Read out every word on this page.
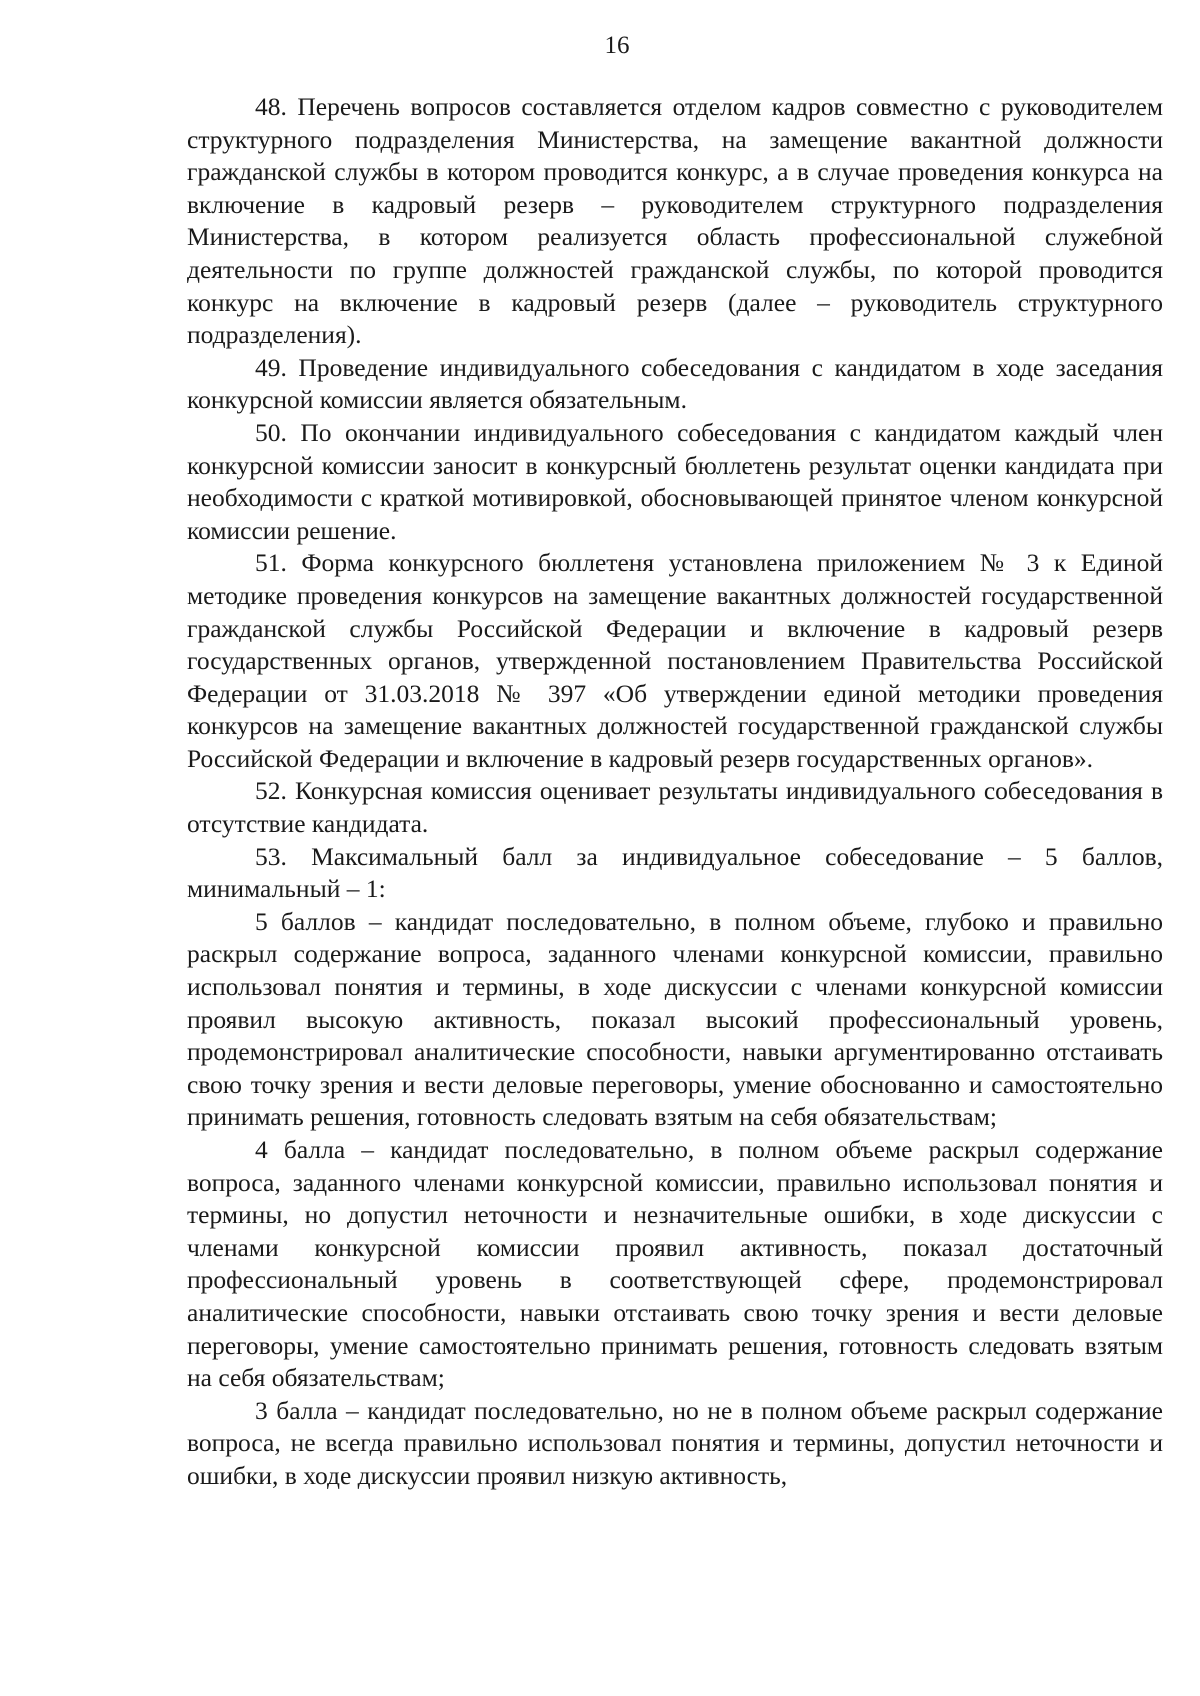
16

48. Перечень вопросов составляется отделом кадров совместно с руководителем структурного подразделения Министерства, на замещение вакантной должности гражданской службы в котором проводится конкурс, а в случае проведения конкурса на включение в кадровый резерв – руководителем структурного подразделения Министерства, в котором реализуется область профессиональной служебной деятельности по группе должностей гражданской службы, по которой проводится конкурс на включение в кадровый резерв (далее – руководитель структурного подразделения).

49. Проведение индивидуального собеседования с кандидатом в ходе заседания конкурсной комиссии является обязательным.

50. По окончании индивидуального собеседования с кандидатом каждый член конкурсной комиссии заносит в конкурсный бюллетень результат оценки кандидата при необходимости с краткой мотивировкой, обосновывающей принятое членом конкурсной комиссии решение.

51. Форма конкурсного бюллетеня установлена приложением № 3 к Единой методике проведения конкурсов на замещение вакантных должностей государственной гражданской службы Российской Федерации и включение в кадровый резерв государственных органов, утвержденной постановлением Правительства Российской Федерации от 31.03.2018 № 397 «Об утверждении единой методики проведения конкурсов на замещение вакантных должностей государственной гражданской службы Российской Федерации и включение в кадровый резерв государственных органов».

52. Конкурсная комиссия оценивает результаты индивидуального собеседования в отсутствие кандидата.

53. Максимальный балл за индивидуальное собеседование – 5 баллов, минимальный – 1:

5 баллов – кандидат последовательно, в полном объеме, глубоко и правильно раскрыл содержание вопроса, заданного членами конкурсной комиссии, правильно использовал понятия и термины, в ходе дискуссии с членами конкурсной комиссии проявил высокую активность, показал высокий профессиональный уровень, продемонстрировал аналитические способности, навыки аргументированно отстаивать свою точку зрения и вести деловые переговоры, умение обоснованно и самостоятельно принимать решения, готовность следовать взятым на себя обязательствам;

4 балла – кандидат последовательно, в полном объеме раскрыл содержание вопроса, заданного членами конкурсной комиссии, правильно использовал понятия и термины, но допустил неточности и незначительные ошибки, в ходе дискуссии с членами конкурсной комиссии проявил активность, показал достаточный профессиональный уровень в соответствующей сфере, продемонстрировал аналитические способности, навыки отстаивать свою точку зрения и вести деловые переговоры, умение самостоятельно принимать решения, готовность следовать взятым на себя обязательствам;

3 балла – кандидат последовательно, но не в полном объеме раскрыл содержание вопроса, не всегда правильно использовал понятия и термины, допустил неточности и ошибки, в ходе дискуссии проявил низкую активность,
